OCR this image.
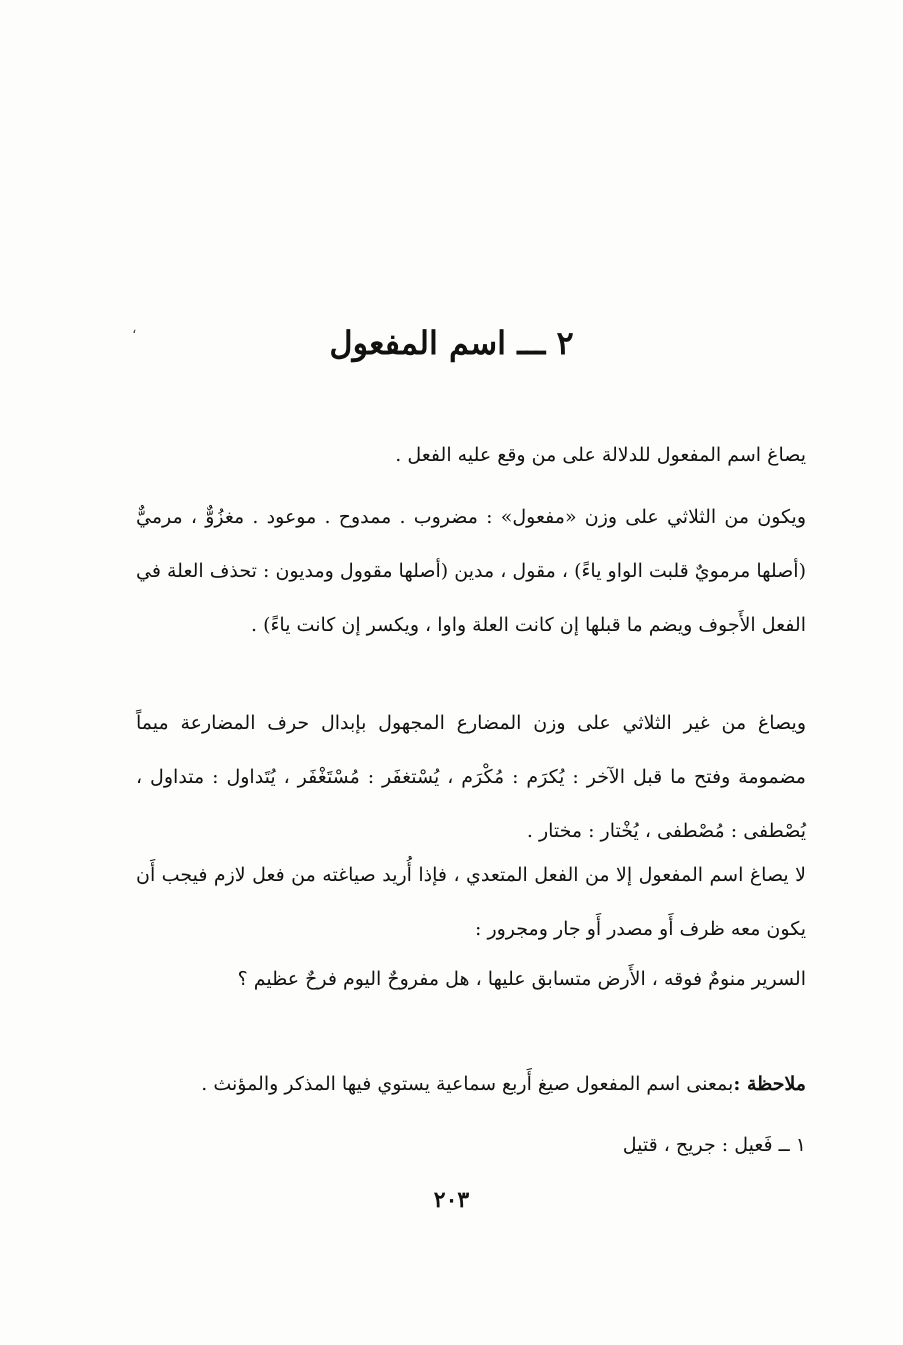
،	٢ ـــ اسم المفعول

يصاغ اسم المفعول للدلالة على من وقع عليه الفعل .

ويكون من الثلاثي على وزن «مفعول» : مضروب . ممدوح . موعود . مغزُوٌّ ، مرميٌّ (أصلها مرمويٌ قلبت الواو ياءً) ، مقول ، مدين (أصلها مقوول ومديون : تحذف العلة في الفعل الأَجوف ويضم ما قبلها إن كانت العلة واوا ، ويكسر إن كانت ياءً) .

ويصاغ من غير الثلاثي على وزن المضارع المجهول بإبدال حرف المضارعة ميماً مضمومة وفتح ما قبل الآخر : يُكرَم : مُكْرَم ، يُسْتغفَر : مُسْتَغْفَر ، يُتَداول : متداول ، يُصْطفى : مُصْطفى ، يُخْتار : مختار .

لا يصاغ اسم المفعول إلا من الفعل المتعدي ، فإذا أُريد صياغته من فعل لازم فيجب أَن يكون معه ظرف أَو مصدر أَو جار ومجرور :

السرير منومٌ فوقه ، الأَرض متسابق عليها ، هل مفروحٌ اليوم فرحٌ عظيم ؟

ملاحظة :بمعنى اسم المفعول صيغ أَربع سماعية يستوي فيها المذكر والمؤنث .

١ ــ فَعيل : جريح ، قتيل

٢٠٣
